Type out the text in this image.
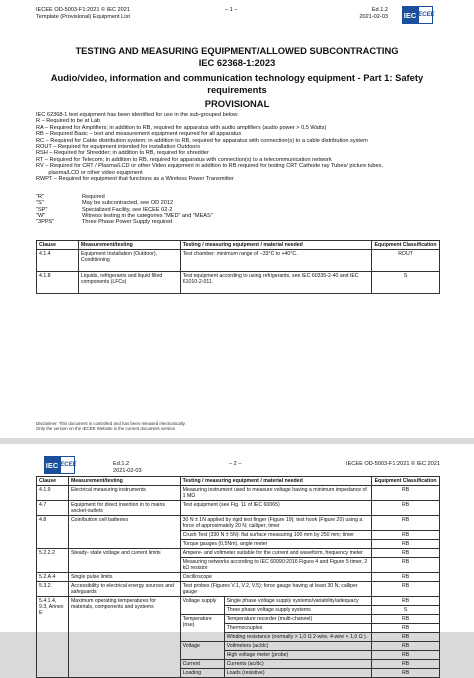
IECEE OD-5003-F1:2021 © IEC 2021
Template (Provisional) Equipment List
– 1 –	Ed.1.2
2021-02-03 IEC IECEE
TESTING AND MEASURING EQUIPMENT/ALLOWED SUBCONTRACTING
IEC 62368-1:2023
Audio/video, information and communication technology equipment - Part 1: Safety
requirements
PROVISIONAL
IEC 62368-1 test equipment has been identified for use in the sub-grouped below:
R – Required to be at Lab
RA – Required for Amplifiers; in addition to RB, required for apparatus with audio amplifiers (audio power > 0,5 Watts)
RB – Required Basic – test and measurement equipment required for all apparatus
RC – Required for Cable distribution system; in addition to RB, required for apparatus with connection(s) to a cable distribution system
ROUT – Required for equipment intended for installation Outdoors
RSH – Required for Shredder; in addition to RB, required for shredder
RT – Required for Telecom; in addition to RB, required for apparatus with connection(s) to a telecommunication network
RV – Required for CRT / Plasma/LCD or other Video equipment in addition to RB required for testing CRT Cathode ray Tubes/ picture tubes,
plasma/LCD or other video equipment
RWPT – Required for equipment that functions as a Wireless Power Transmitter
"R"	Required
"S"	May be subcontracted, see OD 2012
"SP"	Specialized Facility, see IECEE 02-2
"W"	Witness testing in the categories "MED" and "MEAS"
"3PPS"	Three Phase Power Supply required
Clause	Measurement/testing	Testing / measuring equipment / material needed	Equipment Classification
4.1.4	Equipment Installation (Outdoor), Conditioning	Test chamber: minimum range of −33°C to +40°C.	ROUT
4.1.8	Liquids, refrigerants and liquid filled components (LFCs)	Test equipment according to using refrigerants, see IEC 60335-2-40 and IEC 61010-2-011.	S
Disclaimer: This document is controlled and has been released electronically.
Only the version on the IECEE Website is the current document version
IEC IECEE	Ed.1.2
2021-02-03
– 2 –	IECEE OD-5003-F1:2021 © IEC 2021
Clause	Measurement/testing	Testing / measuring equipment / material needed		Equipment Classification
4.1.9	Electrical measuring instruments	Measuring instrument used to measure voltage having a minimum impedance of 1 MΩ		RB
4.7	Equipment for direct insertion in to mains socket-outlets	Test equipment (see Fig. 11 of IEC 60065)		RB
4.8	Coin/button cell batteries	30 N ± 1N applied by rigid test finger (Figure 19); test hook (Figure 20) using a force of approximately 20 N; calliper; timer		RB
		Crush Test (330 N ± 5N): flat surface measuring 100 mm by 250 mm; timer		RB
		Torque gauges (0,5Nm), angle meter		RB
5.2.2.2	Steady- state voltage and current limits	Ampere- and voltmeter suitable for the current and waveform, frequency meter		RB
		Measuring networks according to IEC 60990:2016 Figure 4 and Figure 5 timer, 2 kΩ resistor		RB
5.2.A.4	Single pulse limits	Oscilloscope		RB
5.3.2.	Accessibility to electrical energy sources and safeguards	Test probes (Figures V.1, V.2, V.5); force gauge having at least 30 N; calliper gauge		RB
5.4.1.4, 9.3, Annex E	Maximum operating temperatures for materials, components and systems	Voltage supply	Single phase voltage supply systems/variability/adequacy	RB
			Three phase voltage supply systems	S
		Temperature (rise)	Temperature recorder (multi-channel)	RB
			Thermocouples	RB
			Winding resistance (normally > 1,0 Ω 2-wire, 4-wire < 1,0 Ω ).	RB
		Voltage	Voltmeters (ac/dc)	RB
			High voltage meter (probe)	RB
		Current	Currents (ac/dc)	RB
		Loading	Loads (resistive)	RB
